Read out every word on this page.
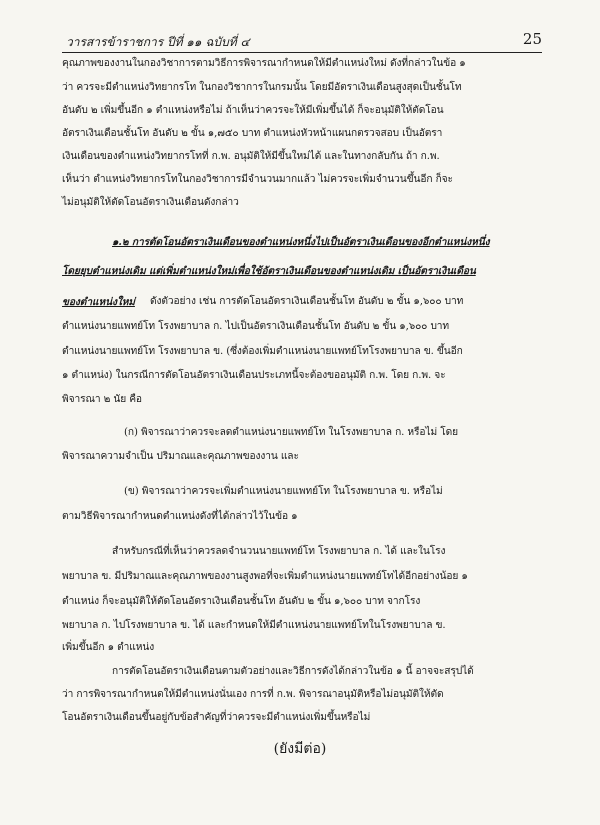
วารสารข้าราชการ ปีที่ ๑๑ ฉบับที่ ๔	25
คุณภาพของงานในกองวิชาการตามวิธีการพิจารณากำหนดให้มีตำแหน่งใหม่ ดังที่กล่าวในข้อ ๑
ว่า ควรจะมีตำแหน่งวิทยากรโท ในกองวิชาการในกรมนั้น โดยมีอัตราเงินเดือนสูงสุดเป็นชั้นโท
อันดับ ๒ เพิ่มขึ้นอีก ๑ ตำแหน่งหรือไม่ ถ้าเห็นว่าควรจะให้มีเพิ่มขึ้นได้ ก็จะอนุมัติให้ตัดโอน
อัตราเงินเดือนชั้นโท อันดับ ๒ ขั้น ๑,๗๕๐ บาท ตำแหน่งหัวหน้าแผนกตรวจสอบ เป็นอัตรา
เงินเดือนของตำแหน่งวิทยากรโทที่ ก.พ. อนุมัติให้มีขึ้นใหม่ได้ และในทางกลับกัน ถ้า ก.พ.
เห็นว่า ตำแหน่งวิทยากรโทในกองวิชาการมีจำนวนมากแล้ว ไม่ควรจะเพิ่มจำนวนขึ้นอีก ก็จะ
ไม่อนุมัติให้ตัดโอนอัตราเงินเดือนดังกล่าว
๑.๒ การตัดโอนอัตราเงินเดือนของตำแหน่งหนึ่งไปเป็นอัตราเงินเดือนของอีกตำแหน่งหนึ่ง
โดยยุบตำแหน่งเดิม แต่เพิ่มตำแหน่งใหม่เพื่อใช้อัตราเงินเดือนของตำแหน่งเดิม เป็นอัตราเงินเดือน
ของตำแหน่งใหม่ ดังตัวอย่าง เช่น การตัดโอนอัตราเงินเดือนชั้นโท อันดับ ๒ ขั้น ๑,๖๐๐ บาท
ตำแหน่งนายแพทย์โท โรงพยาบาล ก. ไปเป็นอัตราเงินเดือนชั้นโท อันดับ ๒ ขั้น ๑,๖๐๐ บาท
ตำแหน่งนายแพทย์โท โรงพยาบาล ข. (ซึ่งต้องเพิ่มตำแหน่งนายแพทย์โทโรงพยาบาล ข. ขึ้นอีก
๑ ตำแหน่ง) ในกรณีการตัดโอนอัตราเงินเดือนประเภทนี้จะต้องขออนุมัติ ก.พ. โดย ก.พ. จะ
พิจารณา ๒ นัย คือ
(ก) พิจารณาว่าควรจะลดตำแหน่งนายแพทย์โท ในโรงพยาบาล ก. หรือไม่ โดย
พิจารณาความจำเป็น ปริมาณและคุณภาพของงาน และ
(ข) พิจารณาว่าควรจะเพิ่มตำแหน่งนายแพทย์โท ในโรงพยาบาล ข. หรือไม่
ตามวิธีพิจารณากำหนดตำแหน่งดังที่ได้กล่าวไว้ในข้อ ๑
สำหรับกรณีที่เห็นว่าควรลดจำนวนนายแพทย์โท โรงพยาบาล ก. ได้ และในโรง
พยาบาล ข. มีปริมาณและคุณภาพของงานสูงพอที่จะเพิ่มตำแหน่งนายแพทย์โทได้อีกอย่างน้อย ๑
ตำแหน่ง ก็จะอนุมัติให้ตัดโอนอัตราเงินเดือนชั้นโท อันดับ ๒ ขั้น ๑,๖๐๐ บาท จากโรง
พยาบาล ก. ไปโรงพยาบาล ข. ได้ และกำหนดให้มีตำแหน่งนายแพทย์โทในโรงพยาบาล ข.
เพิ่มขึ้นอีก ๑ ตำแหน่ง
การตัดโอนอัตราเงินเดือนตามตัวอย่างและวิธีการดังได้กล่าวในข้อ ๑ นี้ อาจจะสรุปได้
ว่า การพิจารณากำหนดให้มีตำแหน่งนั่นเอง การที่ ก.พ. พิจารณาอนุมัติหรือไม่อนุมัติให้ตัด
โอนอัตราเงินเดือนขึ้นอยู่กับข้อสำคัญที่ว่าควรจะมีตำแหน่งเพิ่มขึ้นหรือไม่
(ยังมีต่อ)
